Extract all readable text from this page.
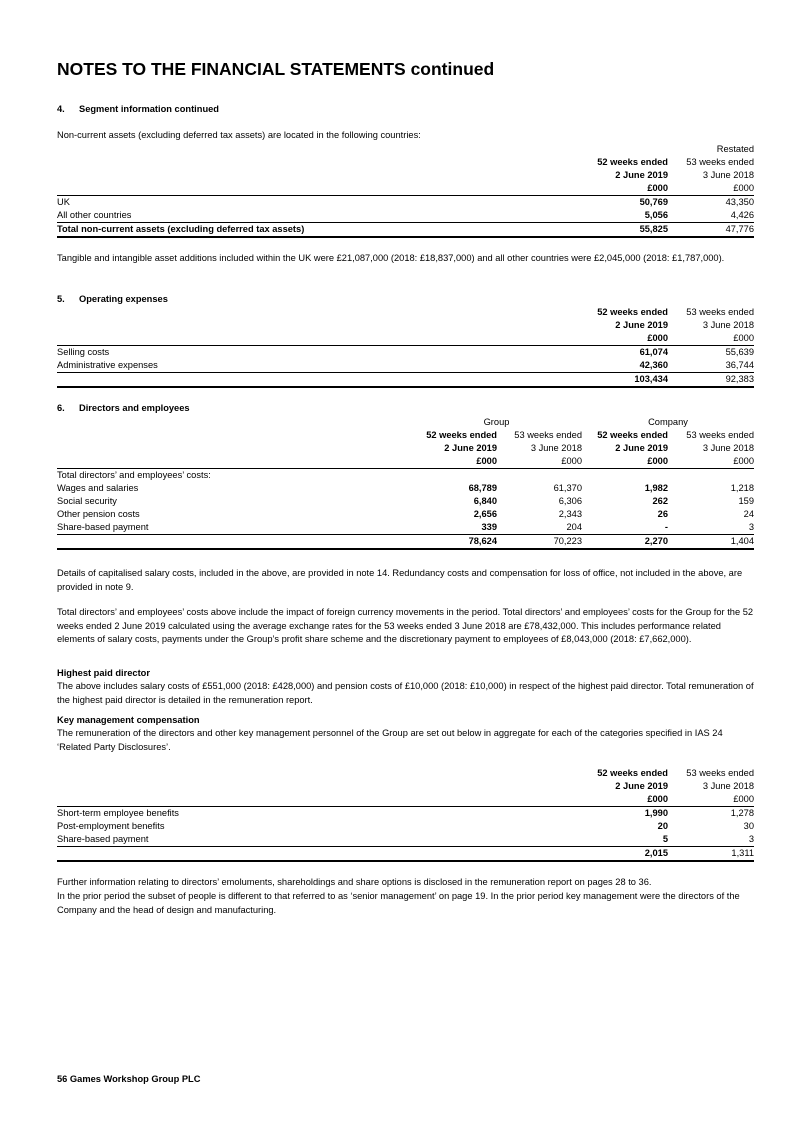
NOTES TO THE FINANCIAL STATEMENTS continued
4. Segment information continued
Non-current assets (excluding deferred tax assets) are located in the following countries:
		Restated
	52 weeks ended	53 weeks ended
	2 June 2019	3 June 2018
	£000	£000
UK	50,769	43,350
All other countries	5,056	4,426
Total non-current assets (excluding deferred tax assets)	55,825	47,776
Tangible and intangible asset additions included within the UK were £21,087,000 (2018: £18,837,000) and all other countries were £2,045,000 (2018: £1,787,000).
5. Operating expenses
	52 weeks ended	53 weeks ended
	2 June 2019	3 June 2018
	£000	£000
Selling costs	61,074	55,639
Administrative expenses	42,360	36,744
	103,434	92,383
6. Directors and employees
	Group		Company	
	52 weeks ended	53 weeks ended	52 weeks ended	53 weeks ended
	2 June 2019	3 June 2018	2 June 2019	3 June 2018
	£000	£000	£000	£000
Total directors’ and employees’ costs:				
Wages and salaries	68,789	61,370	1,982	1,218
Social security	6,840	6,306	262	159
Other pension costs	2,656	2,343	26	24
Share-based payment	339	204	-	3
	78,624	70,223	2,270	1,404
Details of capitalised salary costs, included in the above, are provided in note 14. Redundancy costs and compensation for loss of office, not included in the above, are provided in note 9.
Total directors’ and employees’ costs above include the impact of foreign currency movements in the period. Total directors’ and employees’ costs for the Group for the 52 weeks ended 2 June 2019 calculated using the average exchange rates for the 53 weeks ended 3 June 2018 are £78,432,000. This includes performance related elements of salary costs, payments under the Group’s profit share scheme and the discretionary payment to employees of £8,043,000 (2018: £7,662,000).
Highest paid director
The above includes salary costs of £551,000 (2018: £428,000) and pension costs of £10,000 (2018: £10,000) in respect of the highest paid director. Total remuneration of the highest paid director is detailed in the remuneration report.
Key management compensation
The remuneration of the directors and other key management personnel of the Group are set out below in aggregate for each of the categories specified in IAS 24 ‘Related Party Disclosures’.
	52 weeks ended	53 weeks ended
	2 June 2019	3 June 2018
	£000	£000
Short-term employee benefits	1,990	1,278
Post-employment benefits	20	30
Share-based payment	5	3
	2,015	1,311
Further information relating to directors’ emoluments, shareholdings and share options is disclosed in the remuneration report on pages 28 to 36.
In the prior period the subset of people is different to that referred to as ‘senior management’ on page 19. In the prior period key management were the directors of the Company and the head of design and manufacturing.
56 Games Workshop Group PLC
